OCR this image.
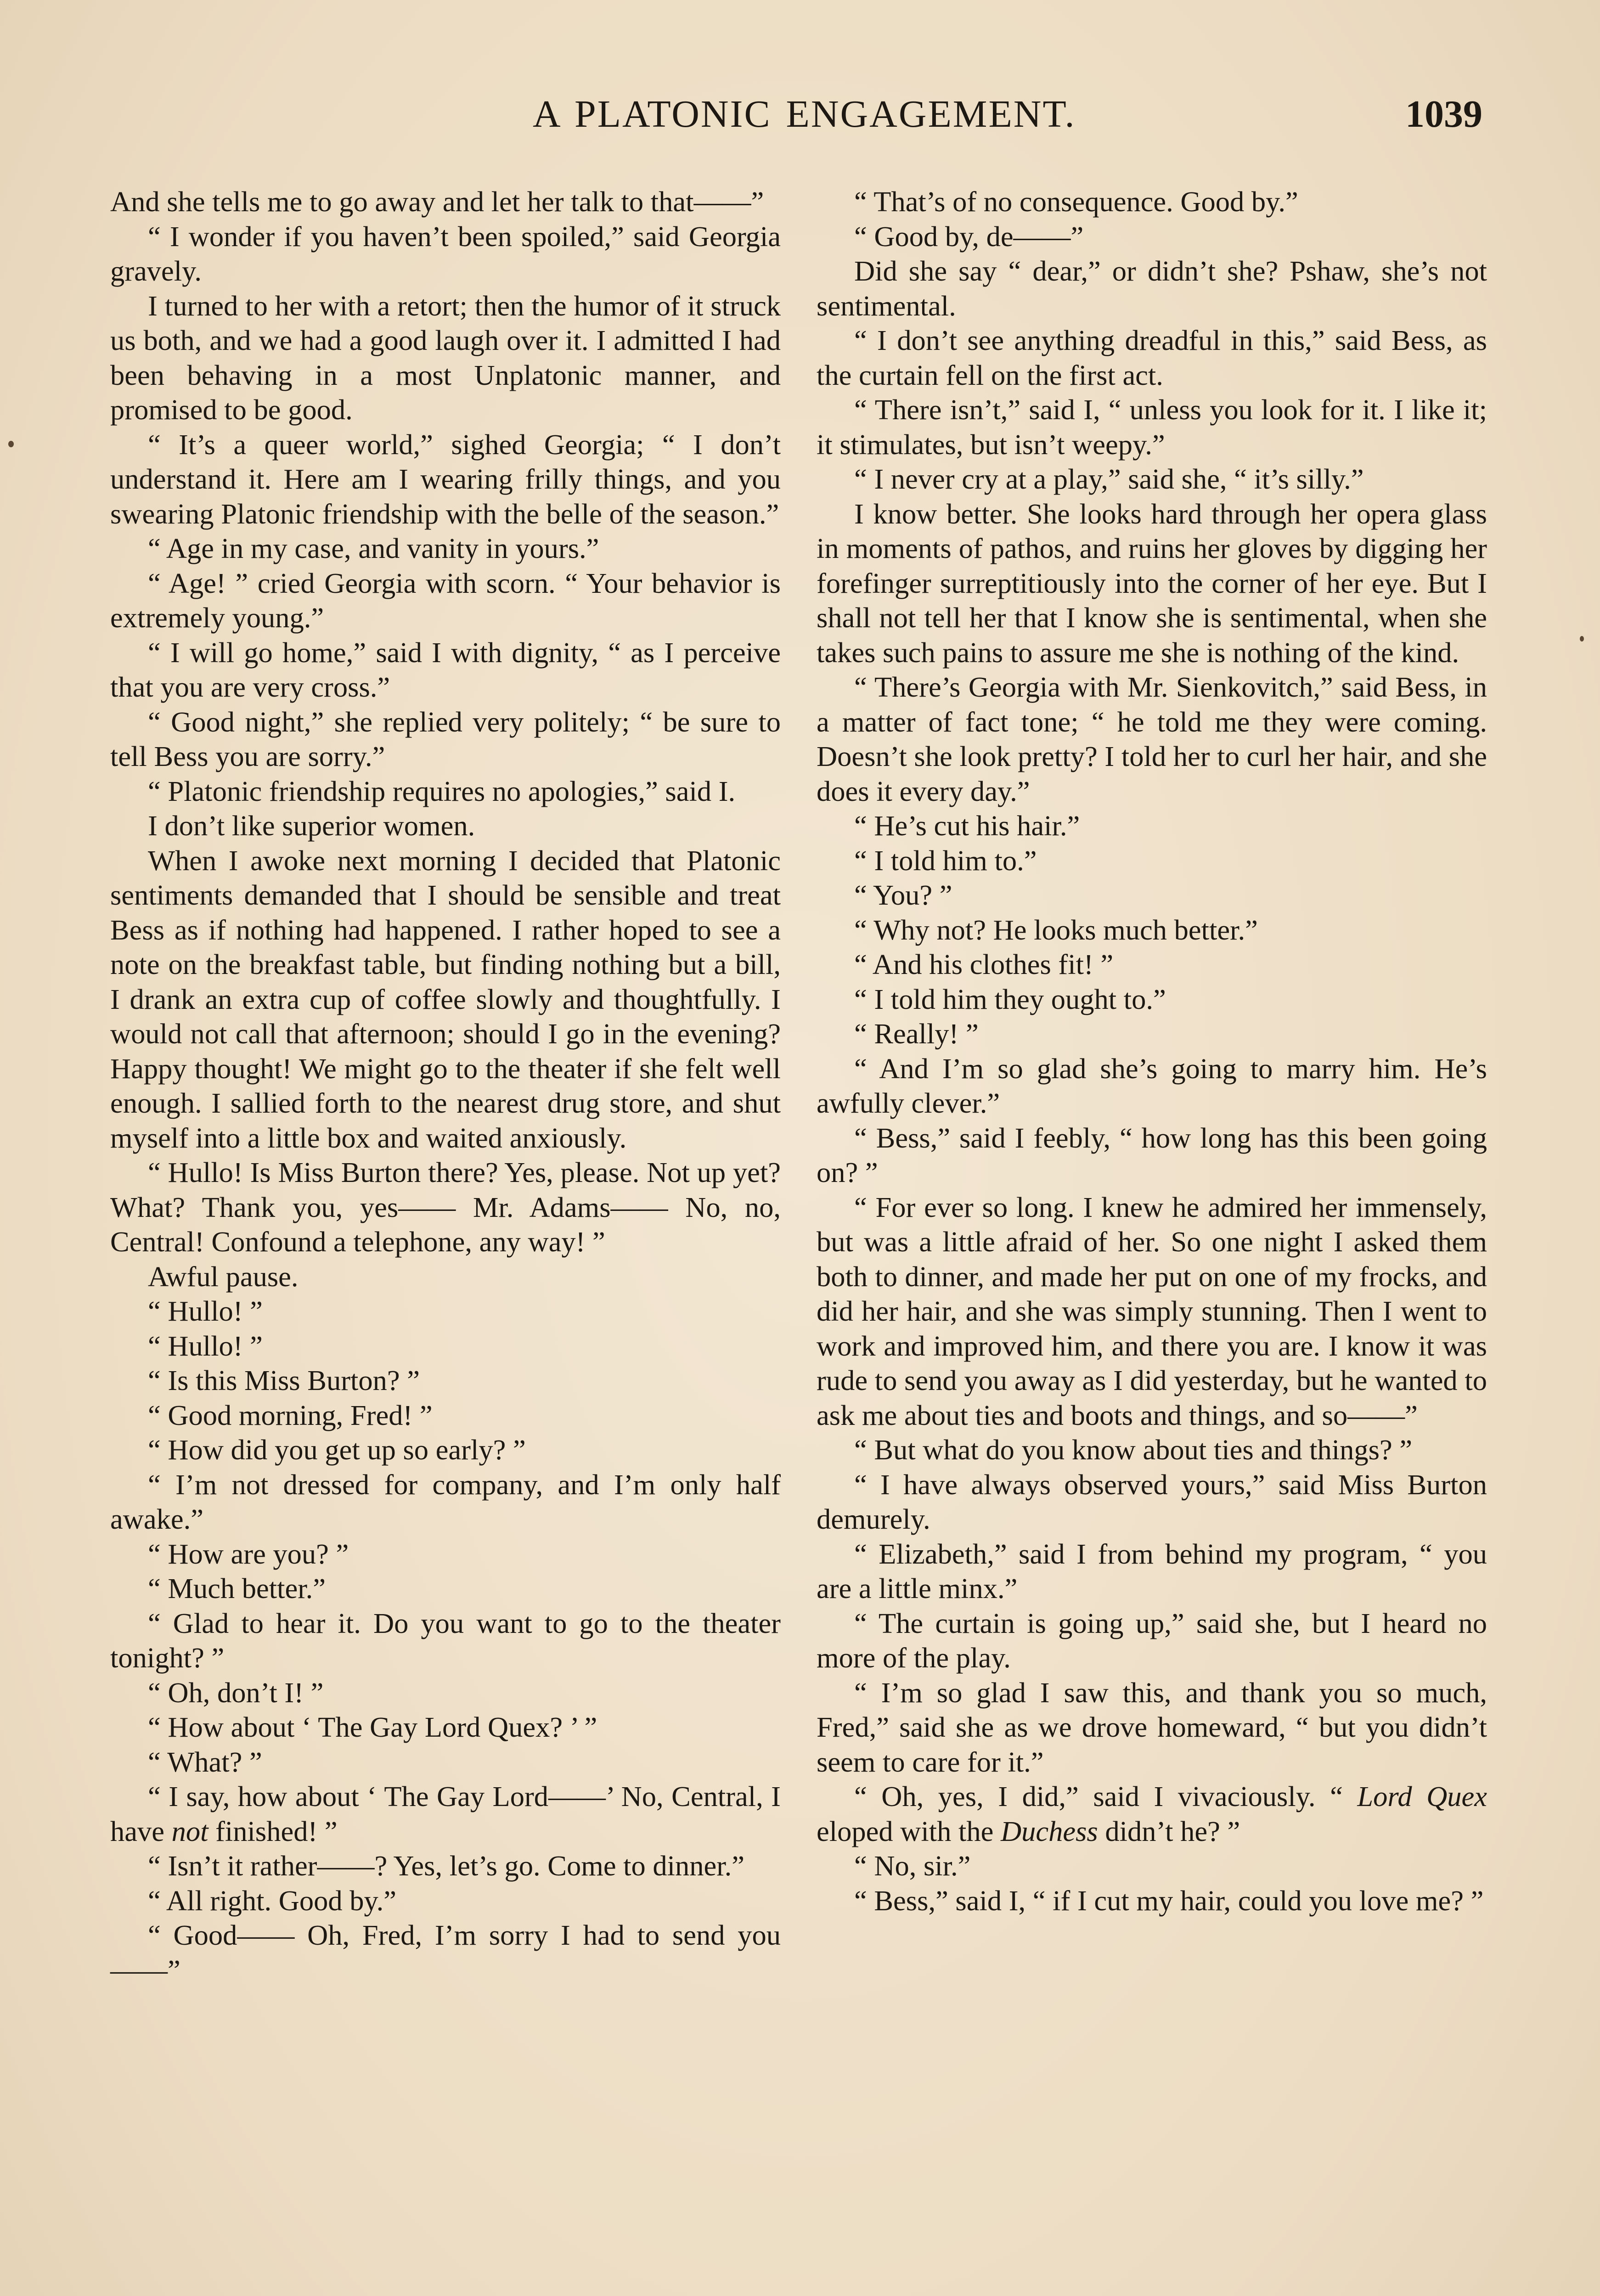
A PLATONIC ENGAGEMENT.	1039

And she tells me to go away and let her talk to that——”

“ I wonder if you haven’t been spoiled,” said Georgia gravely.

I turned to her with a retort; then the humor of it struck us both, and we had a good laugh over it. I admitted I had been behaving in a most Unplatonic manner, and promised to be good.

“ It’s a queer world,” sighed Georgia; “ I don’t understand it. Here am I wearing frilly things, and you swearing Platonic friendship with the belle of the season.”

“ Age in my case, and vanity in yours.”

“ Age! ” cried Georgia with scorn. “ Your behavior is extremely young.”

“ I will go home,” said I with dignity, “ as I perceive that you are very cross.”

“ Good night,” she replied very politely; “ be sure to tell Bess you are sorry.”

“ Platonic friendship requires no apologies,” said I.

I don’t like superior women.

When I awoke next morning I decided that Platonic sentiments demanded that I should be sensible and treat Bess as if nothing had happened. I rather hoped to see a note on the breakfast table, but finding nothing but a bill, I drank an extra cup of coffee slowly and thoughtfully. I would not call that afternoon; should I go in the evening? Happy thought! We might go to the theater if she felt well enough. I sallied forth to the nearest drug store, and shut myself into a little box and waited anxiously.

“ Hullo! Is Miss Burton there? Yes, please. Not up yet? What? Thank you, yes—— Mr. Adams—— No, no, Central! Confound a telephone, any way! ”

Awful pause.

“ Hullo! ”

“ Hullo! ”

“ Is this Miss Burton? ”

“ Good morning, Fred! ”

“ How did you get up so early? ”

“ I’m not dressed for company, and I’m only half awake.”

“ How are you? ”

“ Much better.”

“ Glad to hear it. Do you want to go to the theater tonight? ”

“ Oh, don’t I! ”

“ How about ‘ The Gay Lord Quex? ’ ”

“ What? ”

“ I say, how about ‘ The Gay Lord——’ No, Central, I have not finished! ”

“ Isn’t it rather——? Yes, let’s go. Come to dinner.”

“ All right. Good by.”

“ Good—— Oh, Fred, I’m sorry I had to send you——”

“ That’s of no consequence. Good by.”

“ Good by, de——”

Did she say “ dear,” or didn’t she? Pshaw, she’s not sentimental.

“ I don’t see anything dreadful in this,” said Bess, as the curtain fell on the first act.

“ There isn’t,” said I, “ unless you look for it. I like it; it stimulates, but isn’t weepy.”

“ I never cry at a play,” said she, “ it’s silly.”

I know better. She looks hard through her opera glass in moments of pathos, and ruins her gloves by digging her forefinger surreptitiously into the corner of her eye. But I shall not tell her that I know she is sentimental, when she takes such pains to assure me she is nothing of the kind.

“ There’s Georgia with Mr. Sienkovitch,” said Bess, in a matter of fact tone; “ he told me they were coming. Doesn’t she look pretty? I told her to curl her hair, and she does it every day.”

“ He’s cut his hair.”

“ I told him to.”

“ You? ”

“ Why not? He looks much better.”

“ And his clothes fit! ”

“ I told him they ought to.”

“ Really! ”

“ And I’m so glad she’s going to marry him. He’s awfully clever.”

“ Bess,” said I feebly, “ how long has this been going on? ”

“ For ever so long. I knew he admired her immensely, but was a little afraid of her. So one night I asked them both to dinner, and made her put on one of my frocks, and did her hair, and she was simply stunning. Then I went to work and improved him, and there you are. I know it was rude to send you away as I did yesterday, but he wanted to ask me about ties and boots and things, and so——”

“ But what do you know about ties and things? ”

“ I have always observed yours,” said Miss Burton demurely.

“ Elizabeth,” said I from behind my program, “ you are a little minx.”

“ The curtain is going up,” said she, but I heard no more of the play.

“ I’m so glad I saw this, and thank you so much, Fred,” said she as we drove homeward, “ but you didn’t seem to care for it.”

“ Oh, yes, I did,” said I vivaciously. “ Lord Quex eloped with the Duchess didn’t he? ”

“ No, sir.”

“ Bess,” said I, “ if I cut my hair, could you love me? ”
